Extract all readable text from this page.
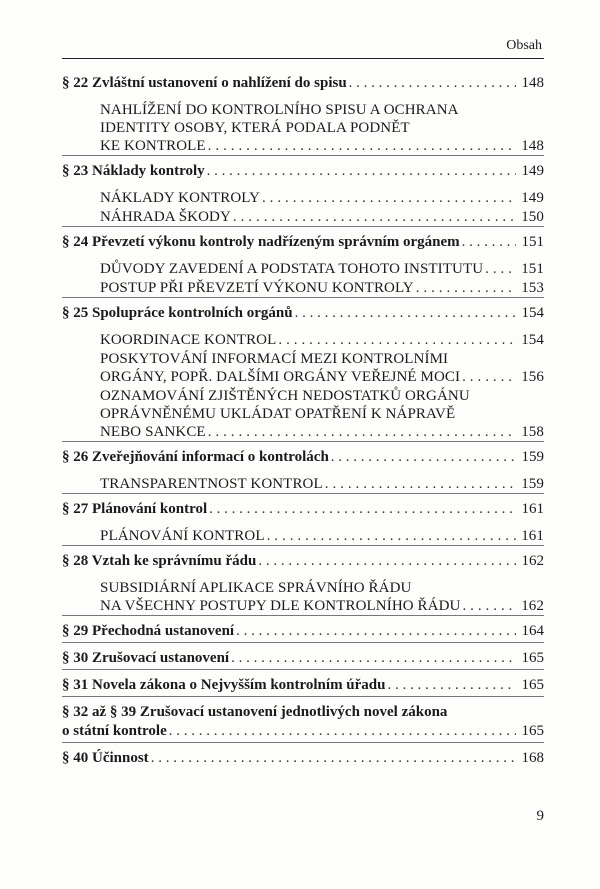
Obsah
§ 22 Zvláštní ustanovení o nahlížení do spisu . . .	148
NAHLÍŽENÍ DO KONTROLNÍHO SPISU A OCHRANA
IDENTITY OSOBY, KTERÁ PODALA PODNĚT
KE KONTROLE . . .	148
§ 23 Náklady kontroly . . .	149
NÁKLADY KONTROLY . . .	149
NÁHRADA ŠKODY . . .	150
§ 24 Převzetí výkonu kontroly nadřízeným správním orgánem . . .	151
DŮVODY ZAVEDENÍ A PODSTATA TOHOTO INSTITUTU . . .	151
POSTUP PŘI PŘEVZETÍ VÝKONU KONTROLY . . .	153
§ 25 Spolupráce kontrolních orgánů . . .	154
KOORDINACE KONTROL . . .	154
POSKYTOVÁNÍ INFORMACÍ MEZI KONTROLNÍMI
ORGÁNY, POPŘ. DALŠÍMI ORGÁNY VEŘEJNÉ MOCI . . .	156
OZNAMOVÁNÍ ZJIŠTĚNÝCH NEDOSTATKŮ ORGÁNU
OPRÁVNĚNÉMU UKLÁDAT OPATŘENÍ K NÁPRAVĚ
NEBO SANKCE . . .	158
§ 26 Zveřejňování informací o kontrolách . . .	159
TRANSPARENTNOST KONTROL . . .	159
§ 27 Plánování kontrol . . .	161
PLÁNOVÁNÍ KONTROL . . .	161
§ 28 Vztah ke správnímu řádu . . .	162
SUBSIDIÁRNÍ APLIKACE SPRÁVNÍHO ŘÁDU
NA VŠECHNY POSTUPY DLE KONTROLNÍHO ŘÁDU . . .	162
§ 29 Přechodná ustanovení . . .	164
§ 30 Zrušovací ustanovení . . .	165
§ 31 Novela zákona o Nejvyšším kontrolním úřadu . . .	165
§ 32 až § 39 Zrušovací ustanovení jednotlivých novel zákona
o státní kontrole . . .	165
§ 40 Účinnost . . .	168
9
